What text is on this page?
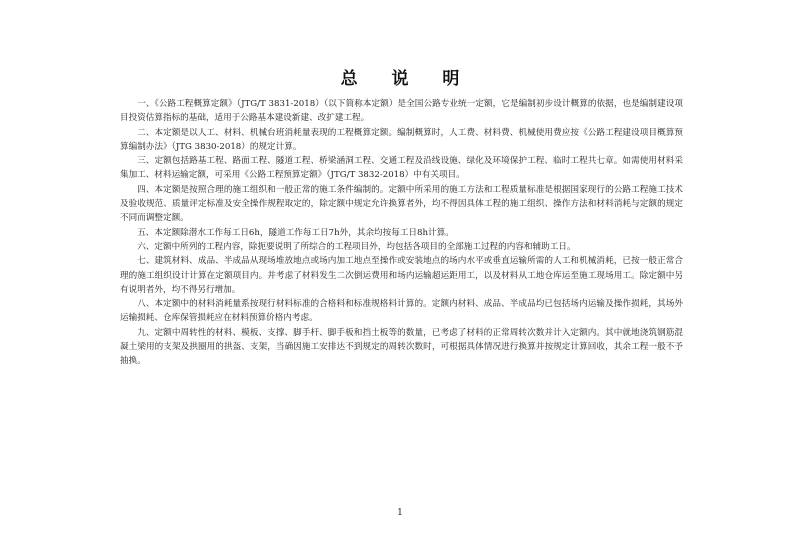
总 说 明

一、《公路工程概算定额》（JTG/T 3831-2018）（以下简称本定额）是全国公路专业统一定额，它是编制初步设计概算的依据，也是编制建设项目投资估算指标的基础，适用于公路基本建设新建、改扩建工程。

二、本定额是以人工、材料、机械台班消耗量表现的工程概算定额。编制概算时，人工费、材料费、机械使用费应按《公路工程建设项目概算预算编制办法》（JTG 3830-2018）的规定计算。

三、定额包括路基工程、路面工程、隧道工程、桥梁涵洞工程、交通工程及沿线设施、绿化及环境保护工程、临时工程共七章。如需使用材料采集加工、材料运输定额，可采用《公路工程预算定额》（JTG/T 3832-2018）中有关项目。

四、本定额是按照合理的施工组织和一般正常的施工条件编制的。定额中所采用的施工方法和工程质量标准是根据国家现行的公路工程施工技术及验收规范、质量评定标准及安全操作规程取定的，除定额中规定允许换算者外，均不得因具体工程的施工组织、操作方法和材料消耗与定额的规定不同而调整定额。

五、本定额除潜水工作每工日6h，隧道工作每工日7h外，其余均按每工日8h计算。

六、定额中所列的工程内容，除扼要说明了所综合的工程项目外，均包括各项目的全部施工过程的内容和辅助工日。

七、建筑材料、成品、半成品从现场堆放地点或场内加工地点至操作或安装地点的场内水平或垂直运输所需的人工和机械消耗，已按一般正常合理的施工组织设计计算在定额项目内。并考虑了材料发生二次倒运费用和场内运输超运距用工，以及材料从工地仓库运至施工现场用工。除定额中另有说明者外，均不得另行增加。

八、本定额中的材料消耗量系按现行材料标准的合格料和标准规格料计算的。定额内材料、成品、半成品均已包括场内运输及操作损耗，其场外运输损耗、仓库保管损耗应在材料预算价格内考虑。

九、定额中周转性的材料、模板、支撑、脚手杆、脚手板和挡土板等的数量，已考虑了材料的正常周转次数并计入定额内。其中就地浇筑钢筋混凝土梁用的支架及拱圈用的拱盔、支架，当确因施工安排达不到规定的周转次数时，可根据具体情况进行换算并按规定计算回收，其余工程一般不予抽换。

1
